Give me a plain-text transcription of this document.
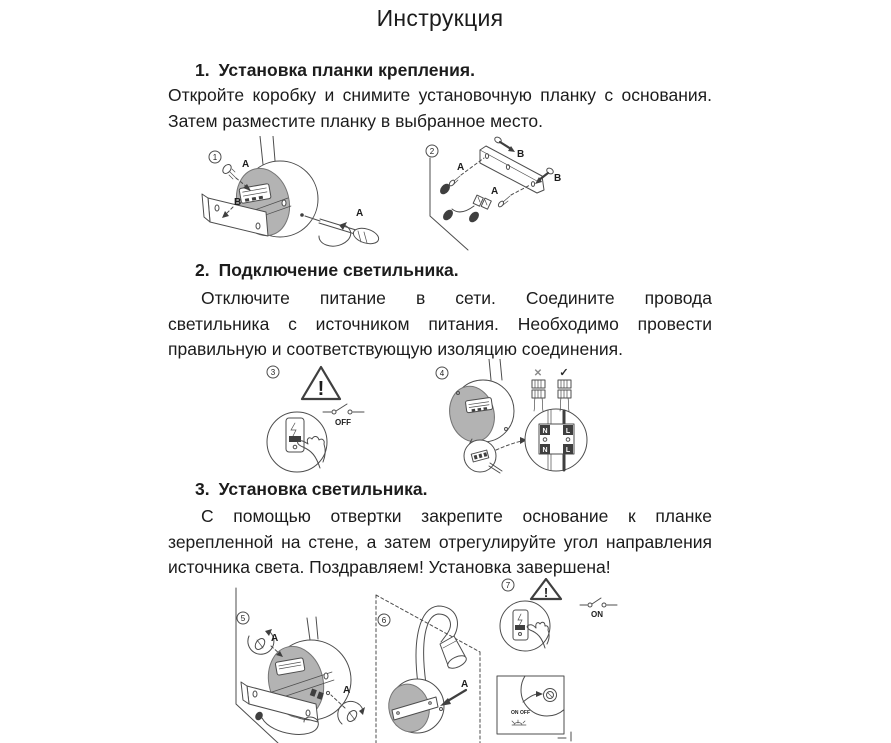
Инструкция
1. Установка планки крепления.
Откройте коробку и снимите установочную планку с основания.
Затем разместите планку в выбранное место.
1
A
B
A
2	B
B
A
A
2. Подключение светильника.
Отключите питание в сети. Соедините провода
светильника с источником питания. Необходимо провести
правильную и соответствующую изоляцию соединения.
3
!
OFF
4
N	L
N	L
✕ ✓
3. Установка светильника.
С помощью отвертки закрепите основание к планке
зерепленной на стене, а затем отрегулируйте угол направления
источника света. Поздравляем! Установка завершена!
5
A
A
6
A
7	!
ON
ON OFF
